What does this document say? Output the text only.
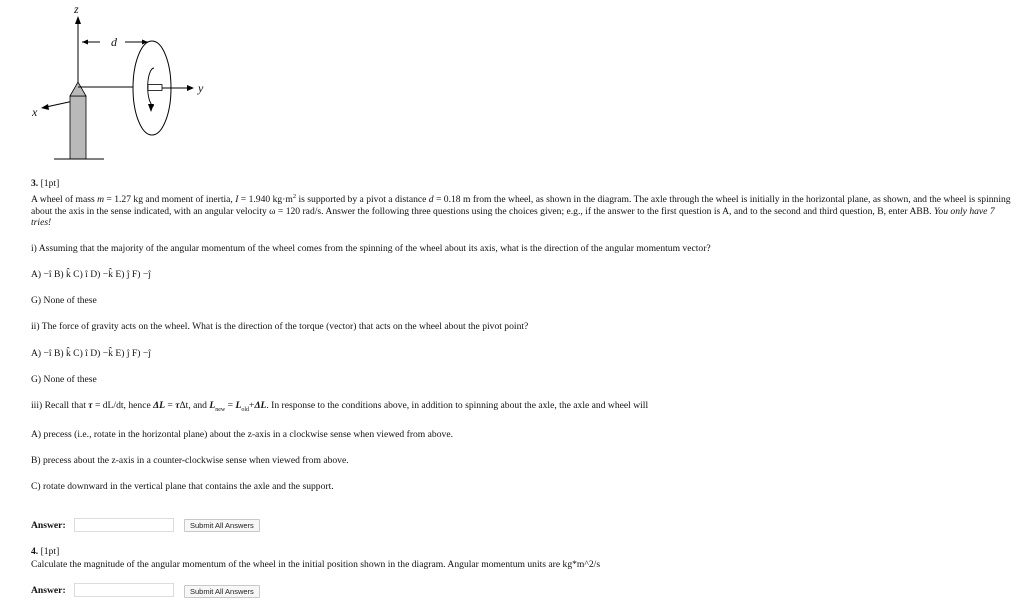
z
d
y
x
3. [1pt]
A wheel of mass m = 1.27 kg and moment of inertia, I = 1.940 $kg\cdot m^2$ is supported by a pivot a distance d = 0.18 m from the wheel, as shown in the diagram. The axle through the wheel is initially in the horizontal plane, as shown, and the wheel is spinning about the axis in the sense indicated, with an angular velocity ω = 120 rad/s. Answer the following three questions using the choices given; e.g., if the answer to the first question is A, and to the second and third question, B, enter ABB. You only have 7 tries!
i) Assuming that the majority of the angular momentum of the wheel comes from the spinning of the wheel about its axis, what is the direction of the angular momentum vector?
A) −î B) k̂ C) î D) −k̂ E) ĵ F) −ĵ
G) None of these
ii) The force of gravity acts on the wheel. What is the direction of the torque (vector) that acts on the wheel about the pivot point?
A) −î B) k̂ C) î D) −k̂ E) ĵ F) −ĵ
G) None of these
iii) Recall that τ = dL/dt, hence ΔL = τΔt, and $L_{new} = L_{old}+\Delta L$. In response to the conditions above, in addition to spinning about the axle, the axle and wheel will
A) precess (i.e., rotate in the horizontal plane) about the z-axis in a clockwise sense when viewed from above.
B) precess about the z-axis in a counter-clockwise sense when viewed from above.
C) rotate downward in the vertical plane that contains the axle and the support.
Answer:	Submit All Answers
4. [1pt]
Calculate the magnitude of the angular momentum of the wheel in the initial position shown in the diagram. Angular momentum units are kg*m^2/s
Answer:	Submit All Answers
